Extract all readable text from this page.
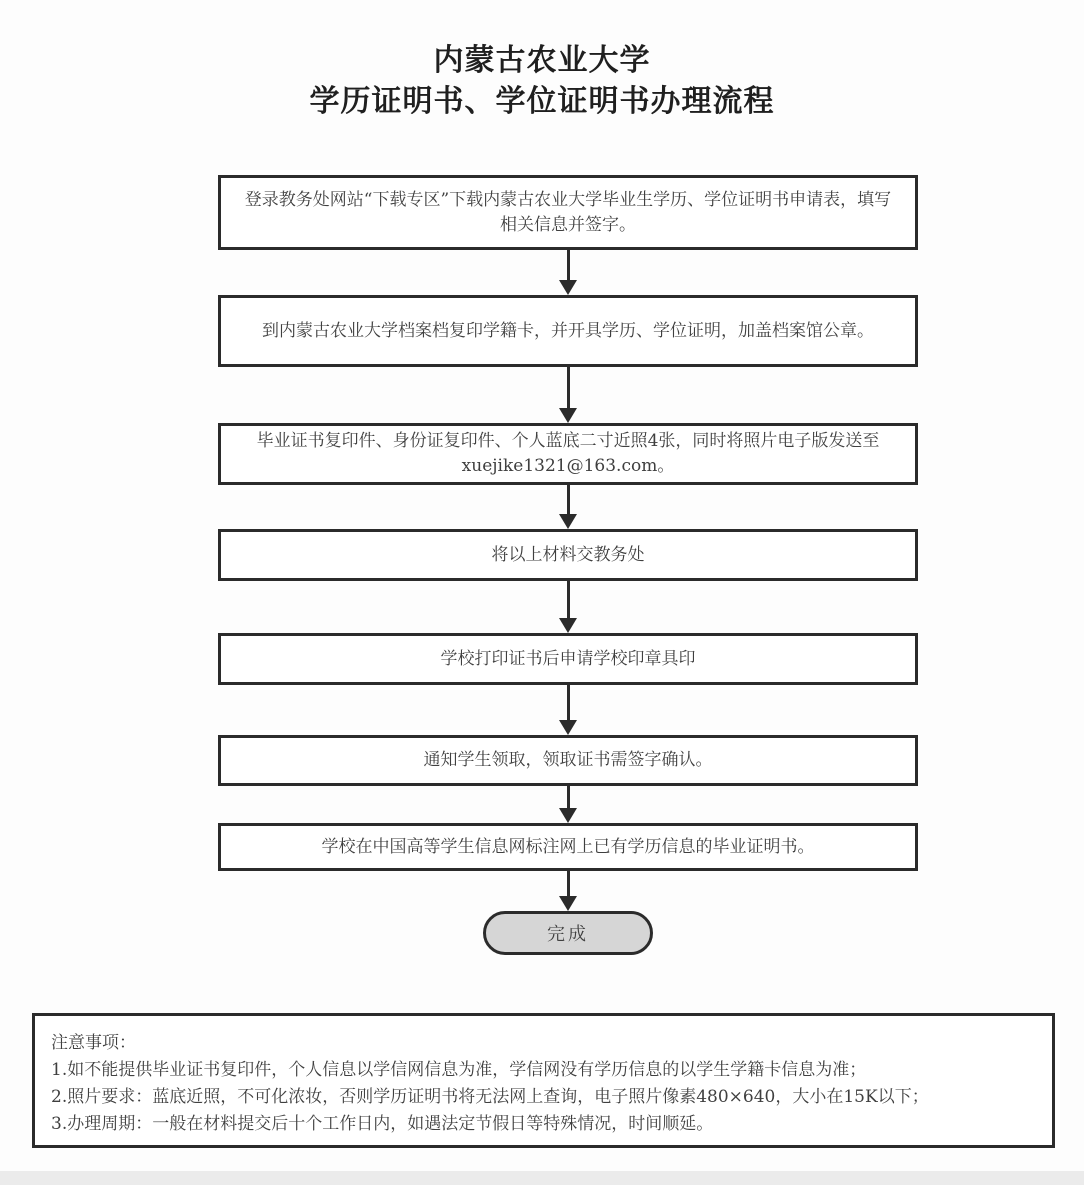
内蒙古农业大学
学历证明书、学位证明书办理流程
登录教务处网站“下载专区”下载内蒙古农业大学毕业生学历、学位证明书申请表，填写相关信息并签字。
到内蒙古农业大学档案档复印学籍卡，并开具学历、学位证明，加盖档案馆公章。
毕业证书复印件、身份证复印件、个人蓝底二寸近照4张，同时将照片电子版发送至 xuejike1321@163.com。
将以上材料交教务处
学校打印证书后申请学校印章具印
通知学生领取，领取证书需签字确认。
学校在中国高等学生信息网标注网上已有学历信息的毕业证明书。
完成
注意事项：
1.如不能提供毕业证书复印件，个人信息以学信网信息为准，学信网没有学历信息的以学生学籍卡信息为准；
2.照片要求：蓝底近照，不可化浓妆，否则学历证明书将无法网上查询，电子照片像素480×640，大小在15K以下；
3.办理周期：一般在材料提交后十个工作日内，如遇法定节假日等特殊情况，时间顺延。
